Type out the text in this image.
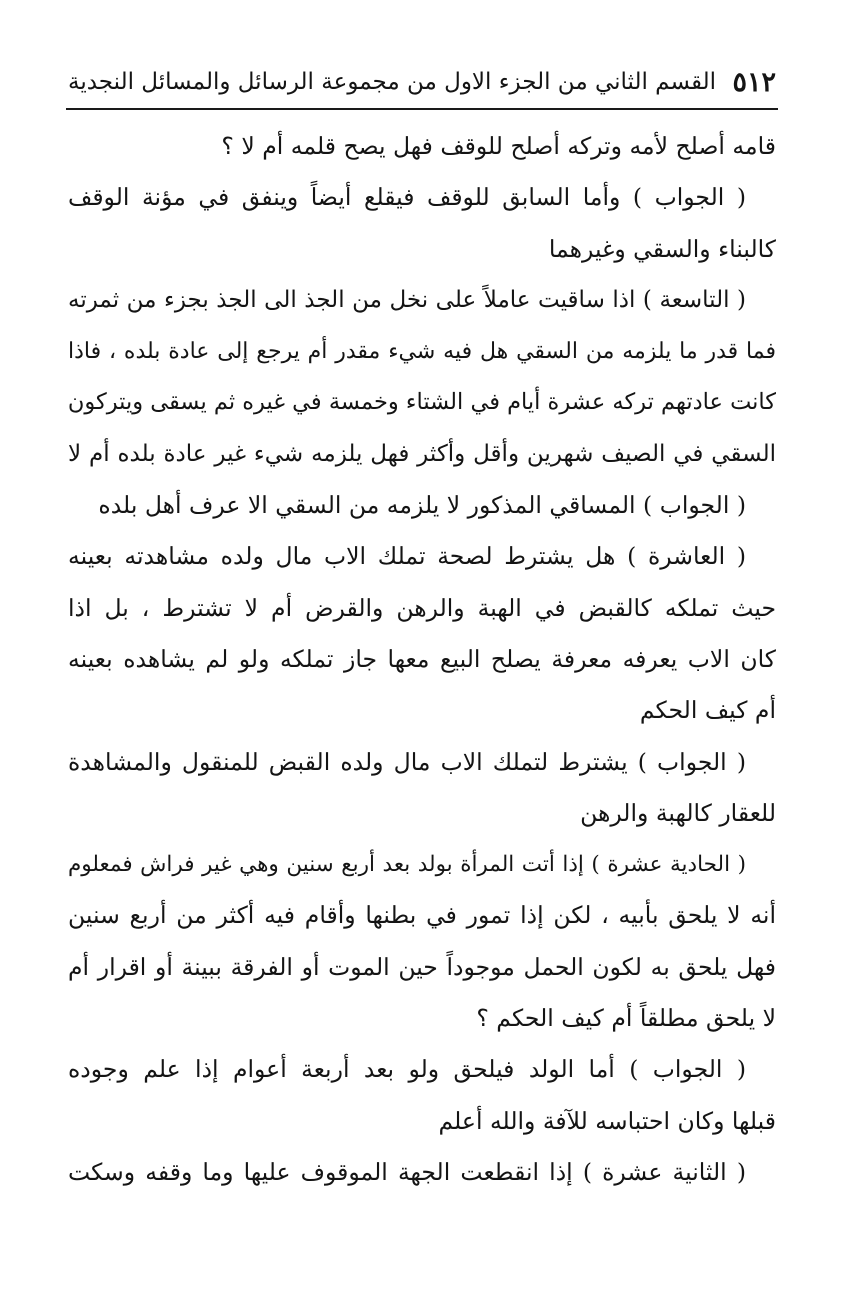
٥١٢
القسم الثاني من الجزء الاول من مجموعة الرسائل والمسائل النجدية
قامه أصلح لأمه وتركه أصلح للوقف فهل يصح قلمه أم لا ؟
( الجواب ) وأما السابق للوقف فيقلع أيضاً وينفق في مؤنة الوقف
كالبناء والسقي وغيرهما
( التاسعة ) اذا ساقيت عاملاً على نخل من الجذ الى الجذ بجزء من ثمرته
فما قدر ما يلزمه من السقي هل فيه شيء مقدر أم يرجع إلى عادة بلده ، فاذا
كانت عادتهم تركه عشرة أيام في الشتاء وخمسة في غيره ثم يسقى ويتركون
السقي في الصيف شهرين وأقل وأكثر فهل يلزمه شيء غير عادة بلده أم لا
( الجواب ) المساقي المذكور لا يلزمه من السقي الا عرف أهل بلده
( العاشرة ) هل يشترط لصحة تملك الاب مال ولده مشاهدته بعينه
حيث تملكه كالقبض في الهبة والرهن والقرض أم لا تشترط ، بل اذا
كان الاب يعرفه معرفة يصلح البيع معها جاز تملكه ولو لم يشاهده بعينه
أم كيف الحكم
( الجواب ) يشترط لتملك الاب مال ولده القبض للمنقول والمشاهدة
للعقار كالهبة والرهن
( الحادية عشرة ) إذا أتت المرأة بولد بعد أربع سنين وهي غير فراش فمعلوم
أنه لا يلحق بأبيه ، لكن إذا تمور في بطنها وأقام فيه أكثر من أربع سنين
فهل يلحق به لكون الحمل موجوداً حين الموت أو الفرقة ببينة أو اقرار أم
لا يلحق مطلقاً أم كيف الحكم ؟
( الجواب ) أما الولد فيلحق ولو بعد أربعة أعوام إذا علم وجوده
قبلها وكان احتباسه للآفة والله أعلم
( الثانية عشرة ) إذا انقطعت الجهة الموقوف عليها وما وقفه وسكت
